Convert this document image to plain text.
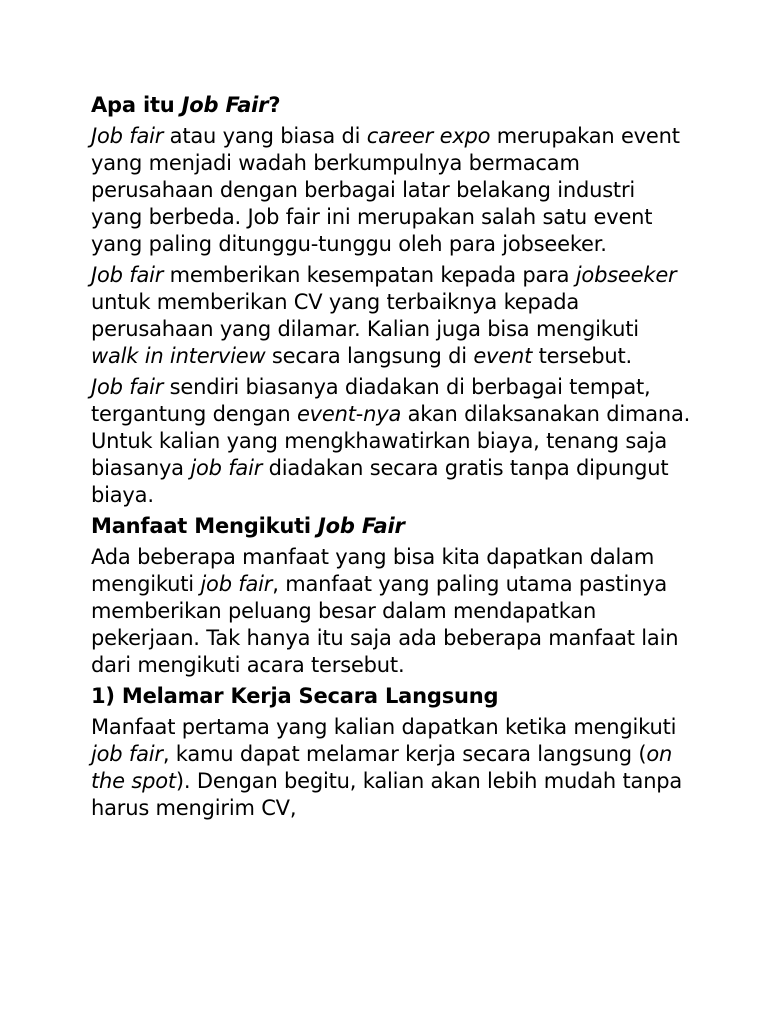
Apa itu Job Fair?
Job fair atau yang biasa di career expo merupakan event yang menjadi wadah berkumpulnya bermacam perusahaan dengan berbagai latar belakang industri yang berbeda. Job fair ini merupakan salah satu event yang paling ditunggu-tunggu oleh para jobseeker.
Job fair memberikan kesempatan kepada para jobseeker untuk memberikan CV yang terbaiknya kepada perusahaan yang dilamar. Kalian juga bisa mengikuti walk in interview secara langsung di event tersebut.
Job fair sendiri biasanya diadakan di berbagai tempat, tergantung dengan event-nya akan dilaksanakan dimana. Untuk kalian yang mengkhawatirkan biaya, tenang saja biasanya job fair diadakan secara gratis tanpa dipungut biaya.
Manfaat Mengikuti Job Fair
Ada beberapa manfaat yang bisa kita dapatkan dalam mengikuti job fair, manfaat yang paling utama pastinya memberikan peluang besar dalam mendapatkan pekerjaan. Tak hanya itu saja ada beberapa manfaat lain dari mengikuti acara tersebut.
1) Melamar Kerja Secara Langsung
Manfaat pertama yang kalian dapatkan ketika mengikuti job fair, kamu dapat melamar kerja secara langsung (on the spot). Dengan begitu, kalian akan lebih mudah tanpa harus mengirim CV,
